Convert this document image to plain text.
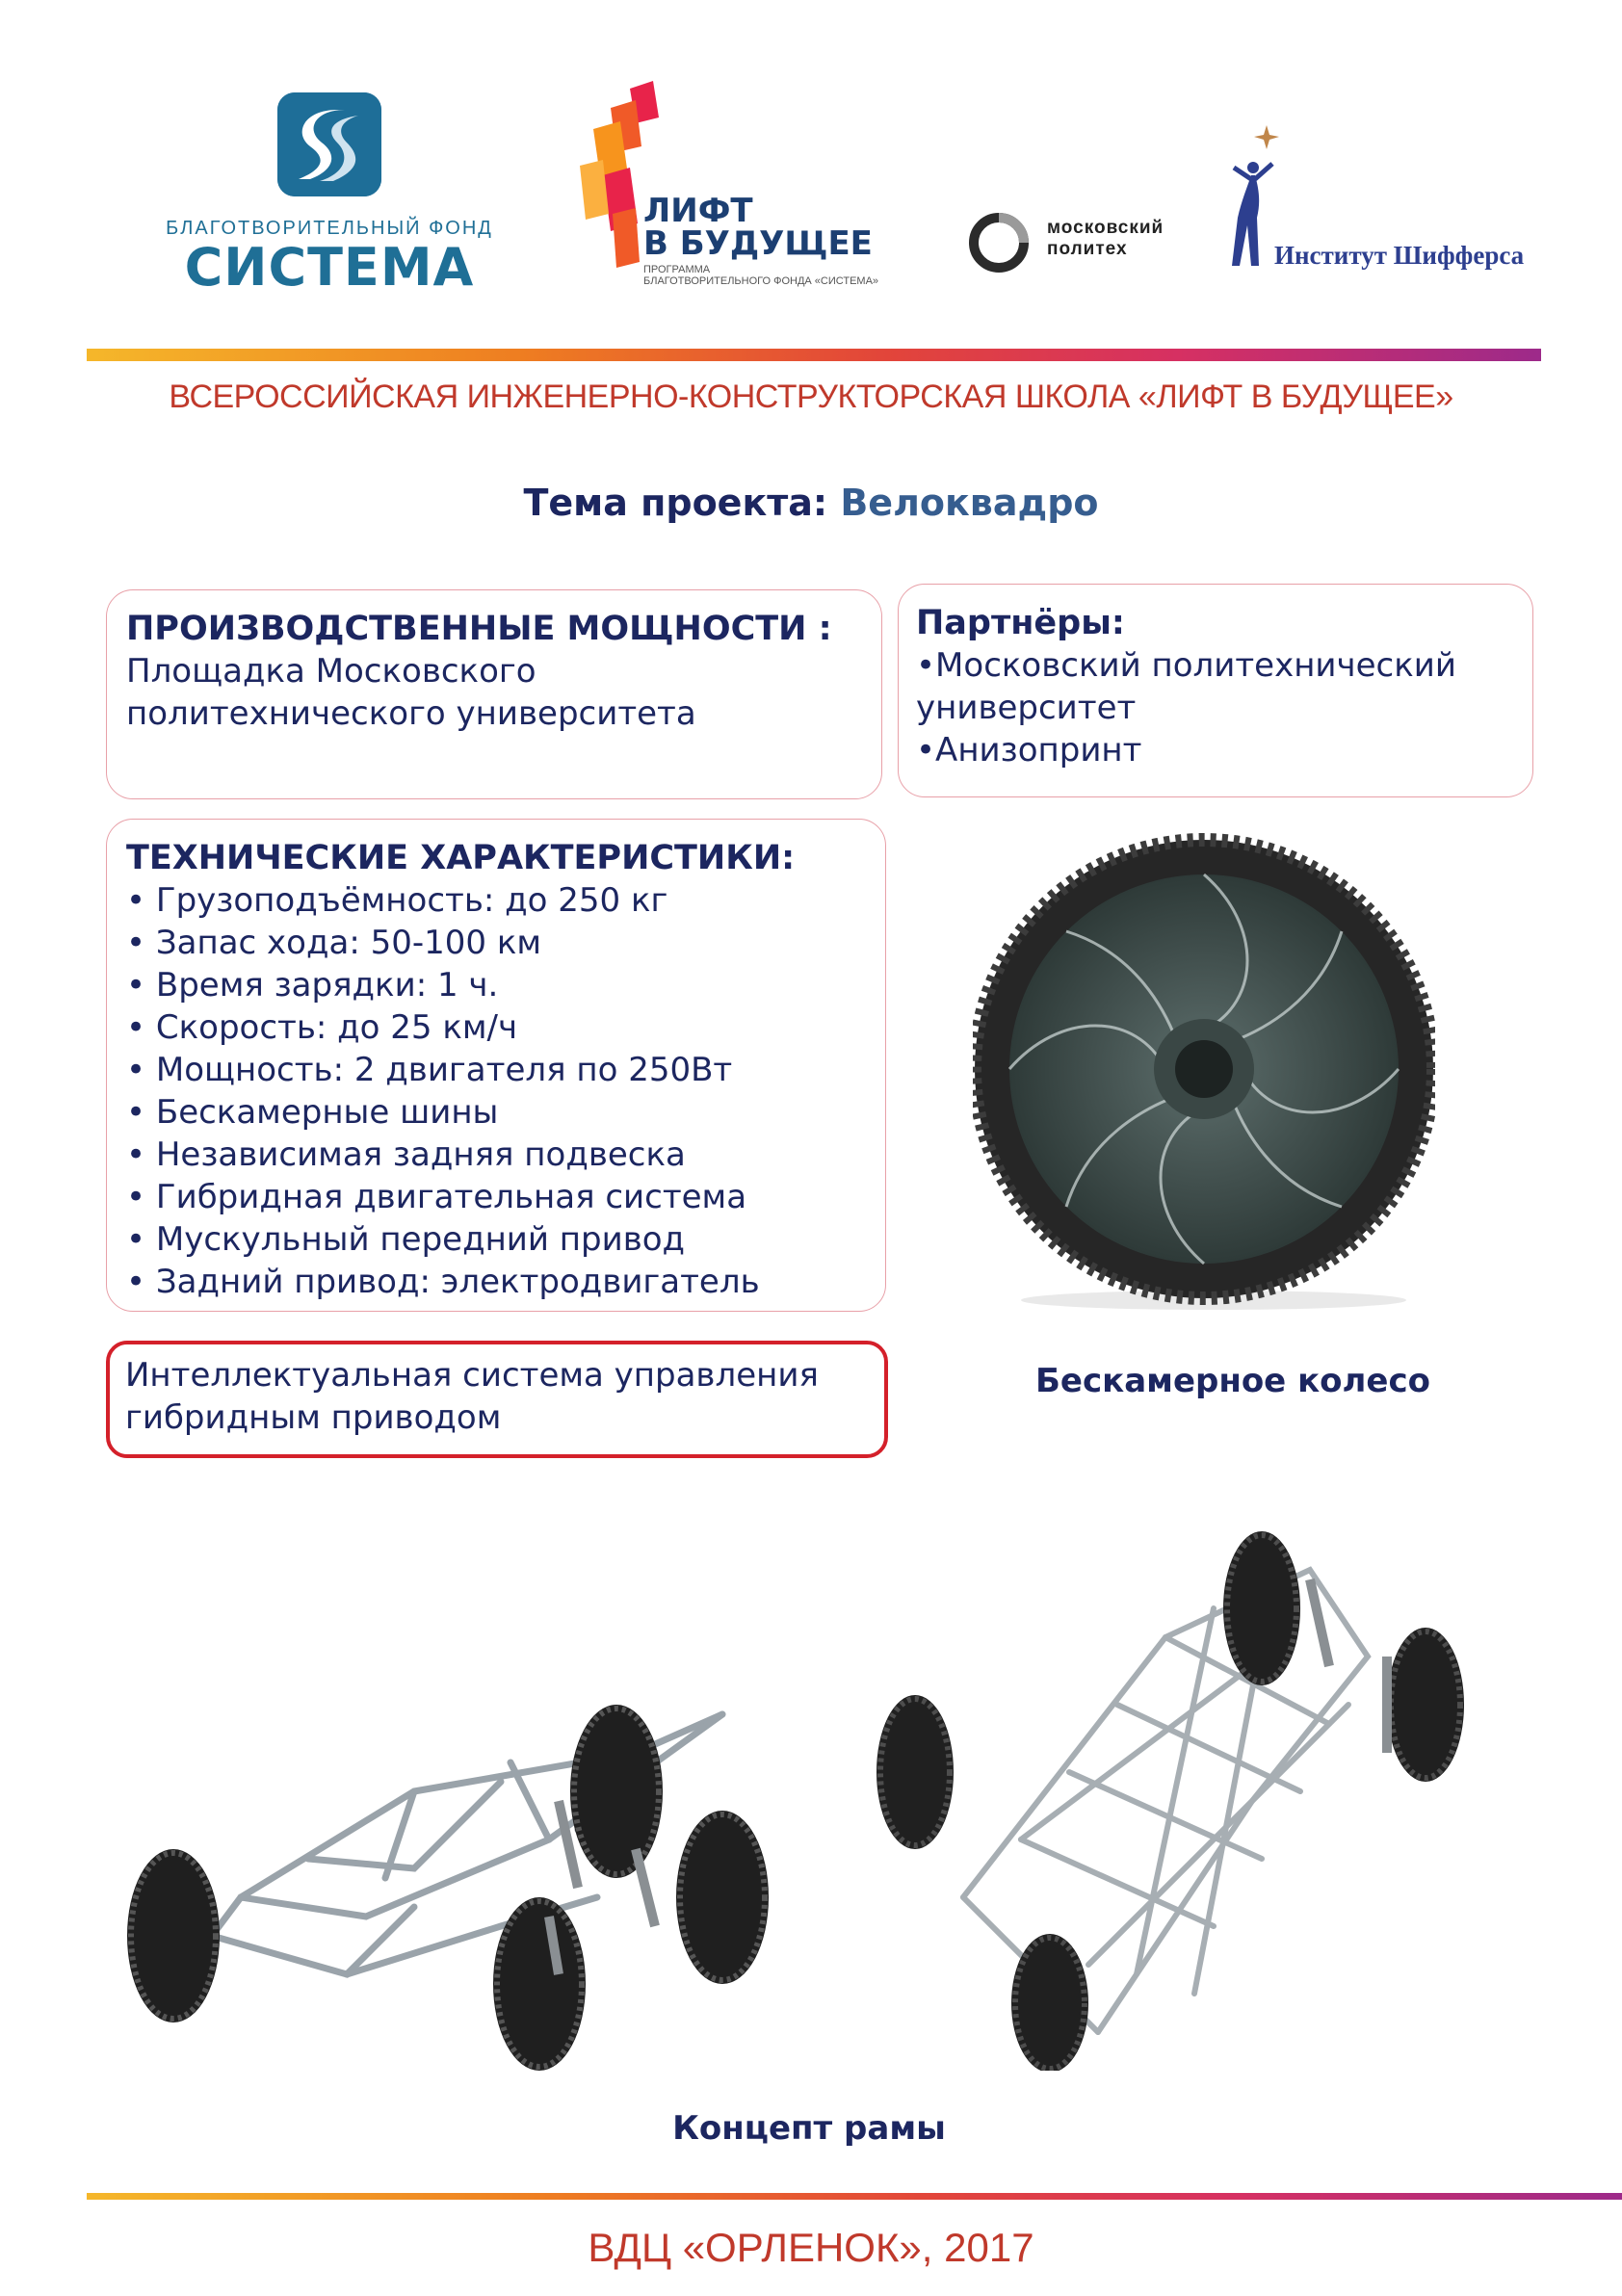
БЛАГОТВОРИТЕЛЬНЫЙ ФОНД
СИСТЕМА
ЛИФТ
В БУДУЩЕЕ
ПРОГРАММА
БЛАГОТВОРИТЕЛЬНОГО ФОНДА «СИСТЕМА»
московский
политех	Институт Шифферса
ВСЕРОССИЙСКАЯ ИНЖЕНЕРНО-КОНСТРУКТОРСКАЯ ШКОЛА «ЛИФТ В БУДУЩЕЕ»
Тема проекта: Велоквадро
ПРОИЗВОДСТВЕННЫЕ МОЩНОСТИ :
Площадка Московского
политехнического университета
Партнёры:
•Московский политехнический
университет
•Анизопринт
ТЕХНИЧЕСКИЕ ХАРАКТЕРИСТИКИ:
• Грузоподъёмность: до 250 кг
• Запас хода: 50-100 км
• Время зарядки: 1 ч.
• Скорость: до 25 км/ч
• Мощность: 2 двигателя по 250Вт
• Бескамерные шины
• Независимая задняя подвеска
• Гибридная двигательная система
• Мускульный передний привод
• Задний привод: электродвигатель
Интеллектуальная система управления
гибридным приводом
Бескамерное колесо
Концепт рамы
ВДЦ «ОРЛЕНОК», 2017
